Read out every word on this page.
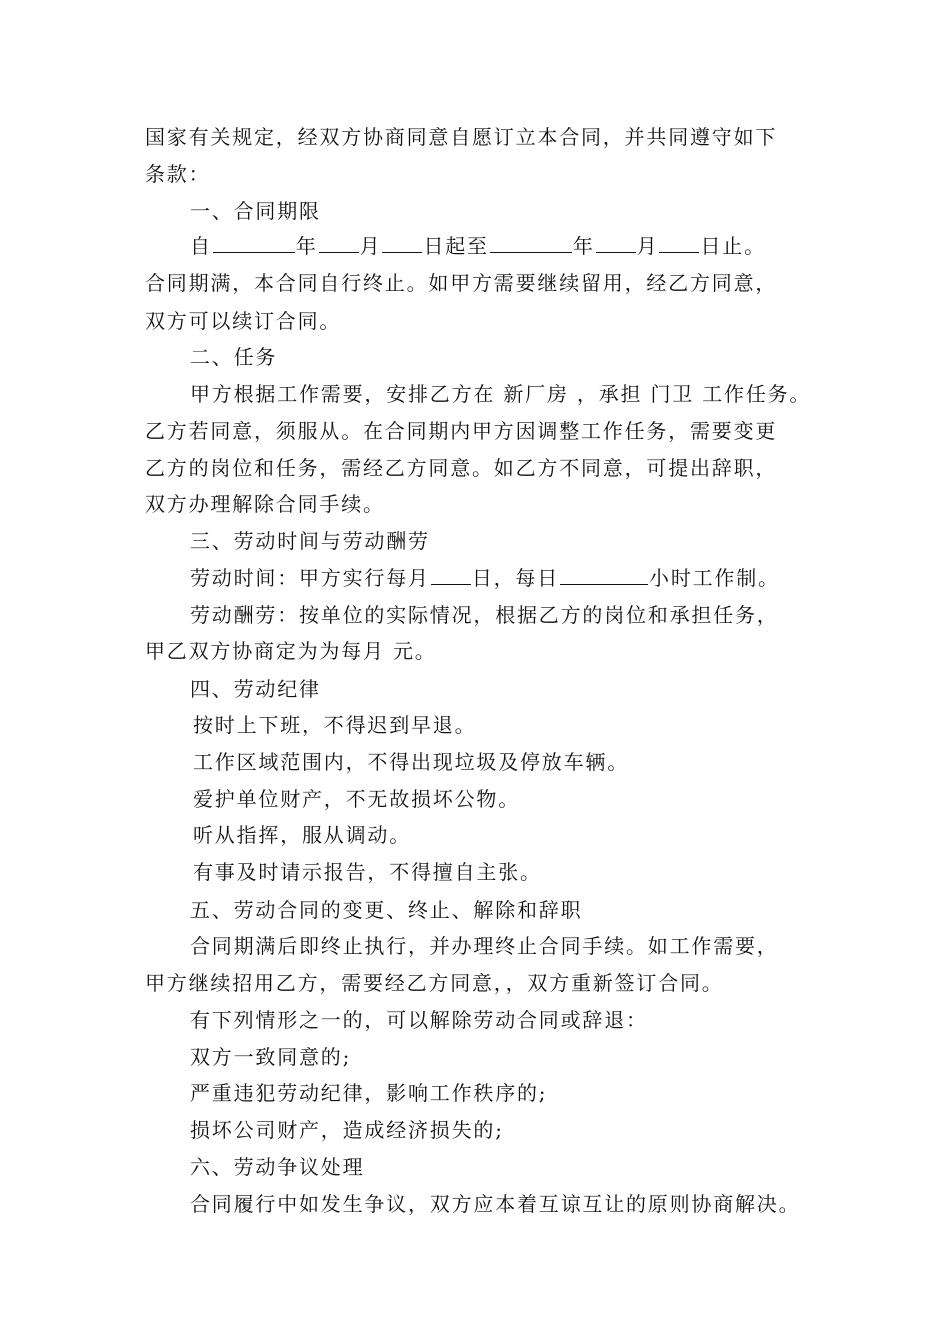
国家有关规定，经双方协商同意自愿订立本合同，并共同遵守如下
条款：
一、合同期限
自	年 月 日起至	年 月 日止。
合同期满，本合同自行终止。如甲方需要继续留用，经乙方同意，
双方可以续订合同。
二、任务
甲方根据工作需要，安排乙方在 新厂房 ，承担 门卫 工作任务。
乙方若同意，须服从。在合同期内甲方因调整工作任务，需要变更
乙方的岗位和任务，需经乙方同意。如乙方不同意，可提出辞职，
双方办理解除合同手续。
三、劳动时间与劳动酬劳
劳动时间：甲方实行每月 日，每日	小时工作制。
劳动酬劳：按单位的实际情况，根据乙方的岗位和承担任务，
甲乙双方协商定为为每月 元。
四、劳动纪律
按时上下班，不得迟到早退。
工作区域范围内，不得出现垃圾及停放车辆。
爱护单位财产，不无故损坏公物。
听从指挥，服从调动。
有事及时请示报告，不得擅自主张。
五、劳动合同的变更、终止、解除和辞职
合同期满后即终止执行，并办理终止合同手续。如工作需要，
甲方继续招用乙方，需要经乙方同意，，双方重新签订合同。
有下列情形之一的，可以解除劳动合同或辞退：
双方一致同意的;
严重违犯劳动纪律，影响工作秩序的;
损坏公司财产，造成经济损失的;
六、劳动争议处理
合同履行中如发生争议，双方应本着互谅互让的原则协商解决。
